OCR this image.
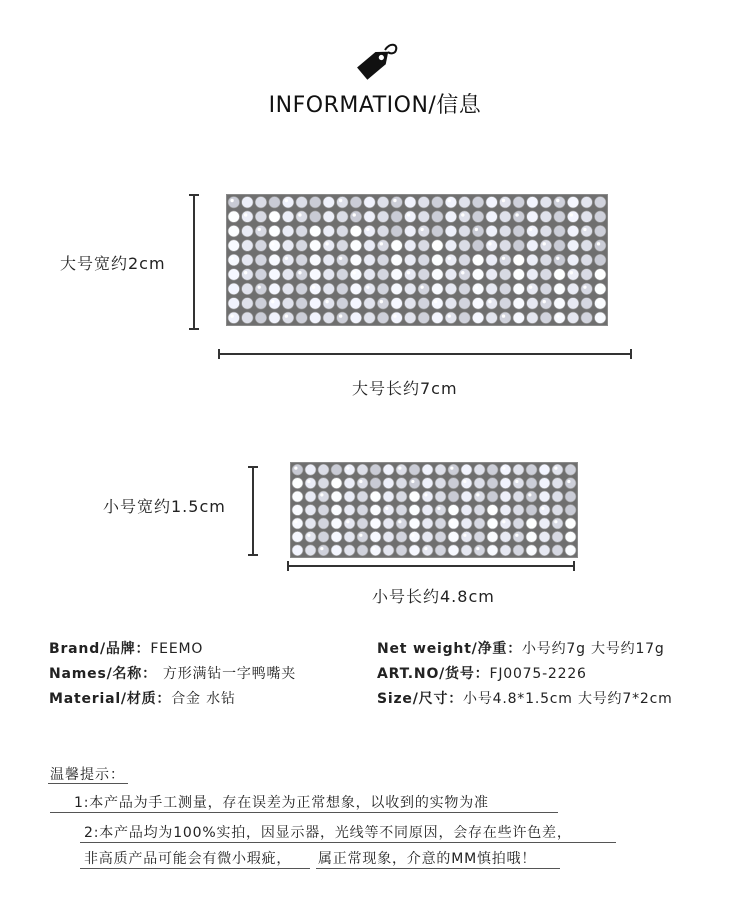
INFORMATION/信息
大号宽约2cm
大号长约7cm
小号宽约1.5cm
小号长约4.8cm
Brand/品牌：FEEMO
Names/名称： 方形满钻一字鸭嘴夹
Material/材质：合金 水钻
Net weight/净重：小号约7g 大号约17g
ART.NO/货号：FJ0075-2226
Size/尺寸：小号4.8*1.5cm 大号约7*2cm
温馨提示：
1:本产品为手工测量，存在误差为正常想象，以收到的实物为准
2:本产品均为100%实拍，因显示器，光线等不同原因，会存在些许色差，
非高质产品可能会有微小瑕疵， 属正常现象，介意的MM慎拍哦！
